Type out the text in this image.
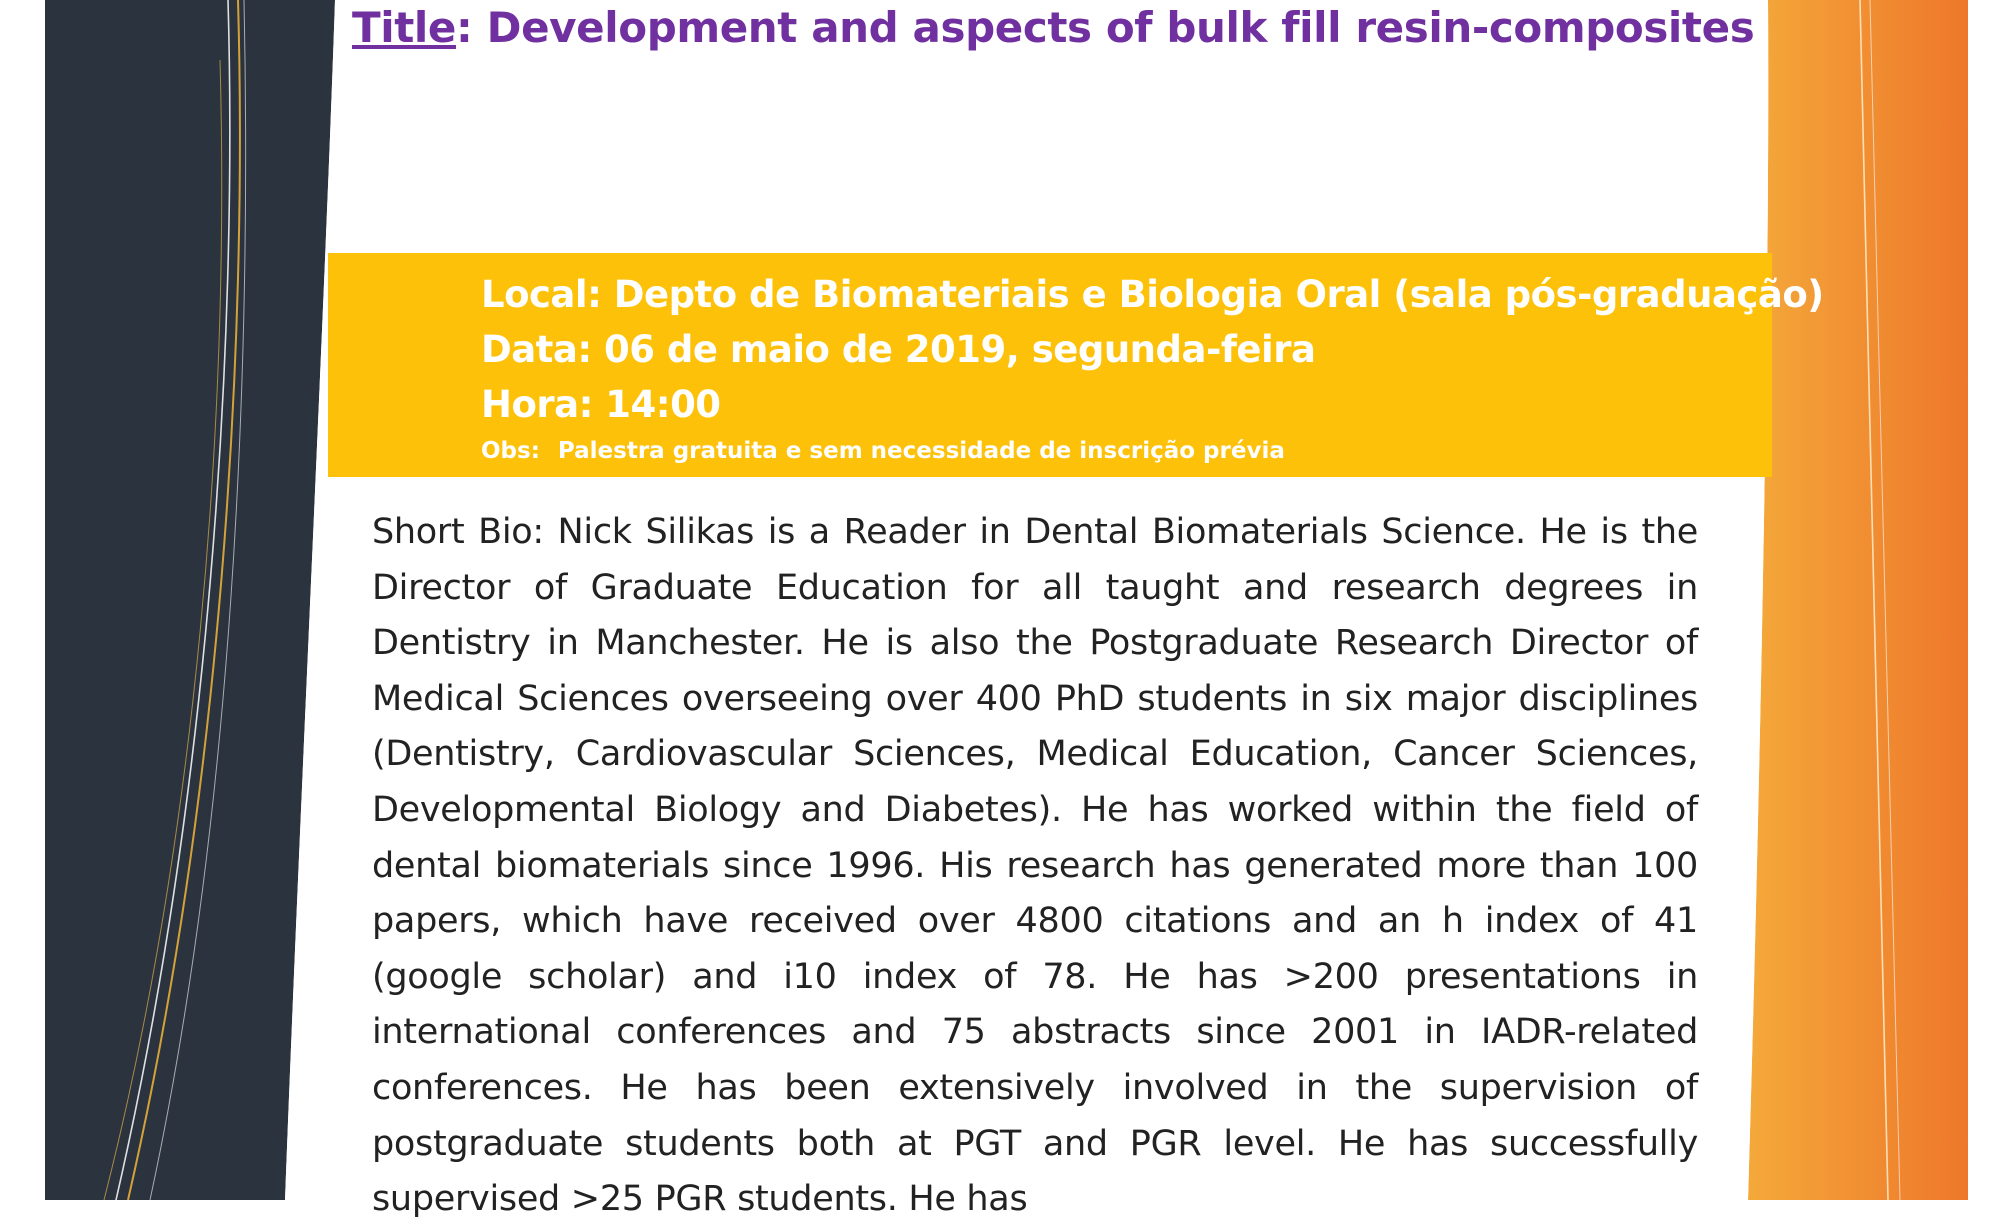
Title: Development and aspects of bulk fill resin-composites

Local: Depto de Biomateriais e Biologia Oral (sala pós-graduação)

Data: 06 de maio de 2019, segunda-feira

Hora: 14:00

Obs: Palestra gratuita e sem necessidade de inscrição prévia

Short Bio: Nick Silikas is a Reader in Dental Biomaterials Science. He is the Director of Graduate Education for all taught and research degrees in Dentistry in Manchester. He is also the Postgraduate Research Director of Medical Sciences overseeing over 400 PhD students in six major disciplines (Dentistry, Cardiovascular Sciences, Medical Education, Cancer Sciences, Developmental Biology and Diabetes). He has worked within the field of dental biomaterials since 1996. His research has generated more than 100 papers, which have received over 4800 citations and an h index of 41 (google scholar) and i10 index of 78. He has >200 presentations in international conferences and 75 abstracts since 2001 in IADR-related conferences. He has been extensively involved in the supervision of postgraduate students both at PGT and PGR level. He has successfully supervised >25 PGR students. He has
